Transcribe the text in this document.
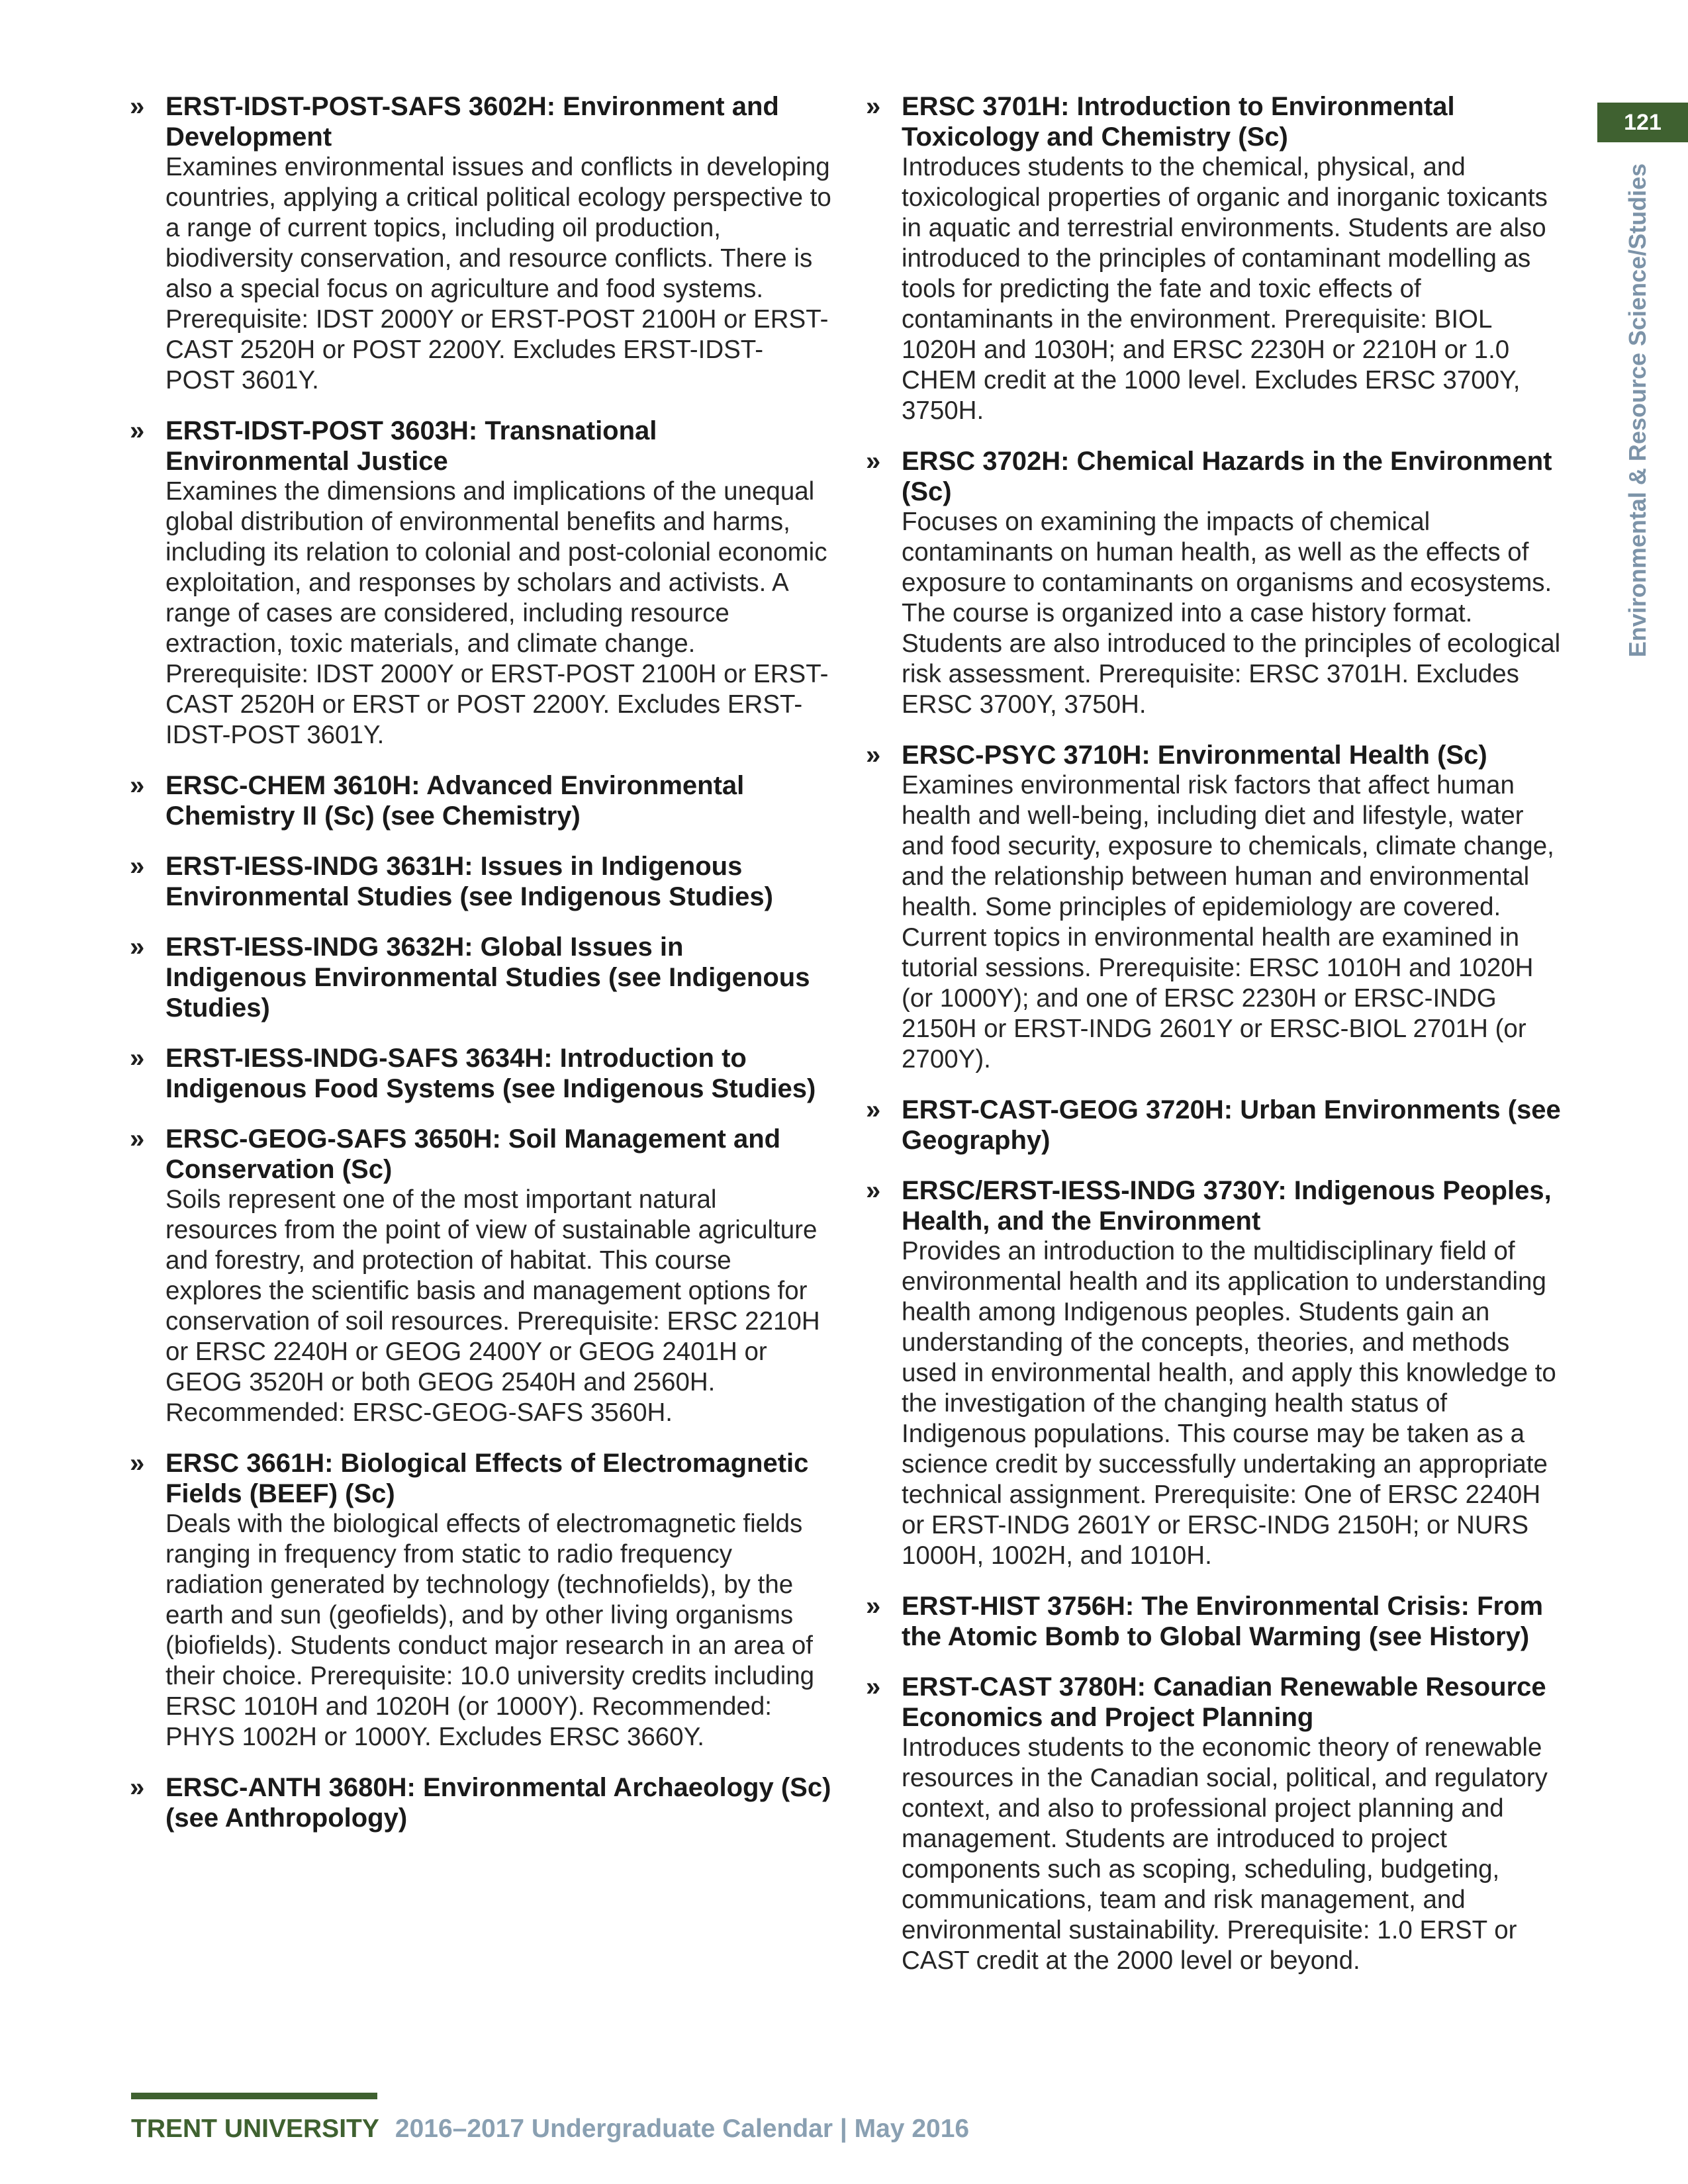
121
Environmental & Resource Science/Studies
» ERST-IDST-POST-SAFS 3602H: Environment and Development

Examines environmental issues and conflicts in developing countries, applying a critical political ecology perspective to a range of current topics, including oil production, biodiversity conservation, and resource conflicts. There is also a special focus on agriculture and food systems. Prerequisite: IDST 2000Y or ERST-POST 2100H or ERST-CAST 2520H or POST 2200Y. Excludes ERST-IDST-POST 3601Y.

» ERST-IDST-POST 3603H: Transnational Environmental Justice

Examines the dimensions and implications of the unequal global distribution of environmental benefits and harms, including its relation to colonial and post-colonial economic exploitation, and responses by scholars and activists. A range of cases are considered, including resource extraction, toxic materials, and climate change. Prerequisite: IDST 2000Y or ERST-POST 2100H or ERST-CAST 2520H or ERST or POST 2200Y. Excludes ERST-IDST-POST 3601Y.

» ERSC-CHEM 3610H: Advanced Environmental Chemistry II (Sc) (see Chemistry)
» ERST-IESS-INDG 3631H: Issues in Indigenous Environmental Studies (see Indigenous Studies)
» ERST-IESS-INDG 3632H: Global Issues in Indigenous Environmental Studies (see Indigenous Studies)
» ERST-IESS-INDG-SAFS 3634H: Introduction to Indigenous Food Systems (see Indigenous Studies)
» ERSC-GEOG-SAFS 3650H: Soil Management and Conservation (Sc)

Soils represent one of the most important natural resources from the point of view of sustainable agriculture and forestry, and protection of habitat. This course explores the scientific basis and management options for conservation of soil resources. Prerequisite: ERSC 2210H or ERSC 2240H or GEOG 2400Y or GEOG 2401H or GEOG 3520H or both GEOG 2540H and 2560H. Recommended: ERSC-GEOG-SAFS 3560H.

» ERSC 3661H: Biological Effects of Electromagnetic Fields (BEEF) (Sc)

Deals with the biological effects of electromagnetic fields ranging in frequency from static to radio frequency radiation generated by technology (technofields), by the earth and sun (geofields), and by other living organisms (biofields). Students conduct major research in an area of their choice. Prerequisite: 10.0 university credits including ERSC 1010H and 1020H (or 1000Y). Recommended: PHYS 1002H or 1000Y. Excludes ERSC 3660Y.

» ERSC-ANTH 3680H: Environmental Archaeology (Sc) (see Anthropology)
» ERSC 3701H: Introduction to Environmental Toxicology and Chemistry (Sc)

Introduces students to the chemical, physical, and toxicological properties of organic and inorganic toxicants in aquatic and terrestrial environments. Students are also introduced to the principles of contaminant modelling as tools for predicting the fate and toxic effects of contaminants in the environment. Prerequisite: BIOL 1020H and 1030H; and ERSC 2230H or 2210H or 1.0 CHEM credit at the 1000 level. Excludes ERSC 3700Y, 3750H.

» ERSC 3702H: Chemical Hazards in the Environment (Sc)

Focuses on examining the impacts of chemical contaminants on human health, as well as the effects of exposure to contaminants on organisms and ecosystems. The course is organized into a case history format. Students are also introduced to the principles of ecological risk assessment. Prerequisite: ERSC 3701H. Excludes ERSC 3700Y, 3750H.

» ERSC-PSYC 3710H: Environmental Health (Sc)

Examines environmental risk factors that affect human health and well-being, including diet and lifestyle, water and food security, exposure to chemicals, climate change, and the relationship between human and environmental health. Some principles of epidemiology are covered. Current topics in environmental health are examined in tutorial sessions. Prerequisite: ERSC 1010H and 1020H (or 1000Y); and one of ERSC 2230H or ERSC-INDG 2150H or ERST-INDG 2601Y or ERSC-BIOL 2701H (or 2700Y).

» ERST-CAST-GEOG 3720H: Urban Environments (see Geography)
» ERSC/ERST-IESS-INDG 3730Y: Indigenous Peoples, Health, and the Environment

Provides an introduction to the multidisciplinary field of environmental health and its application to understanding health among Indigenous peoples. Students gain an understanding of the concepts, theories, and methods used in environmental health, and apply this knowledge to the investigation of the changing health status of Indigenous populations. This course may be taken as a science credit by successfully undertaking an appropriate technical assignment. Prerequisite: One of ERSC 2240H or ERST-INDG 2601Y or ERSC-INDG 2150H; or NURS 1000H, 1002H, and 1010H.

» ERST-HIST 3756H: The Environmental Crisis: From the Atomic Bomb to Global Warming (see History)
» ERST-CAST 3780H: Canadian Renewable Resource Economics and Project Planning

Introduces students to the economic theory of renewable resources in the Canadian social, political, and regulatory context, and also to professional project planning and management. Students are introduced to project components such as scoping, scheduling, budgeting, communications, team and risk management, and environmental sustainability. Prerequisite: 1.0 ERST or CAST credit at the 2000 level or beyond.

TRENT UNIVERSITY 2016–2017 Undergraduate Calendar | May 2016
